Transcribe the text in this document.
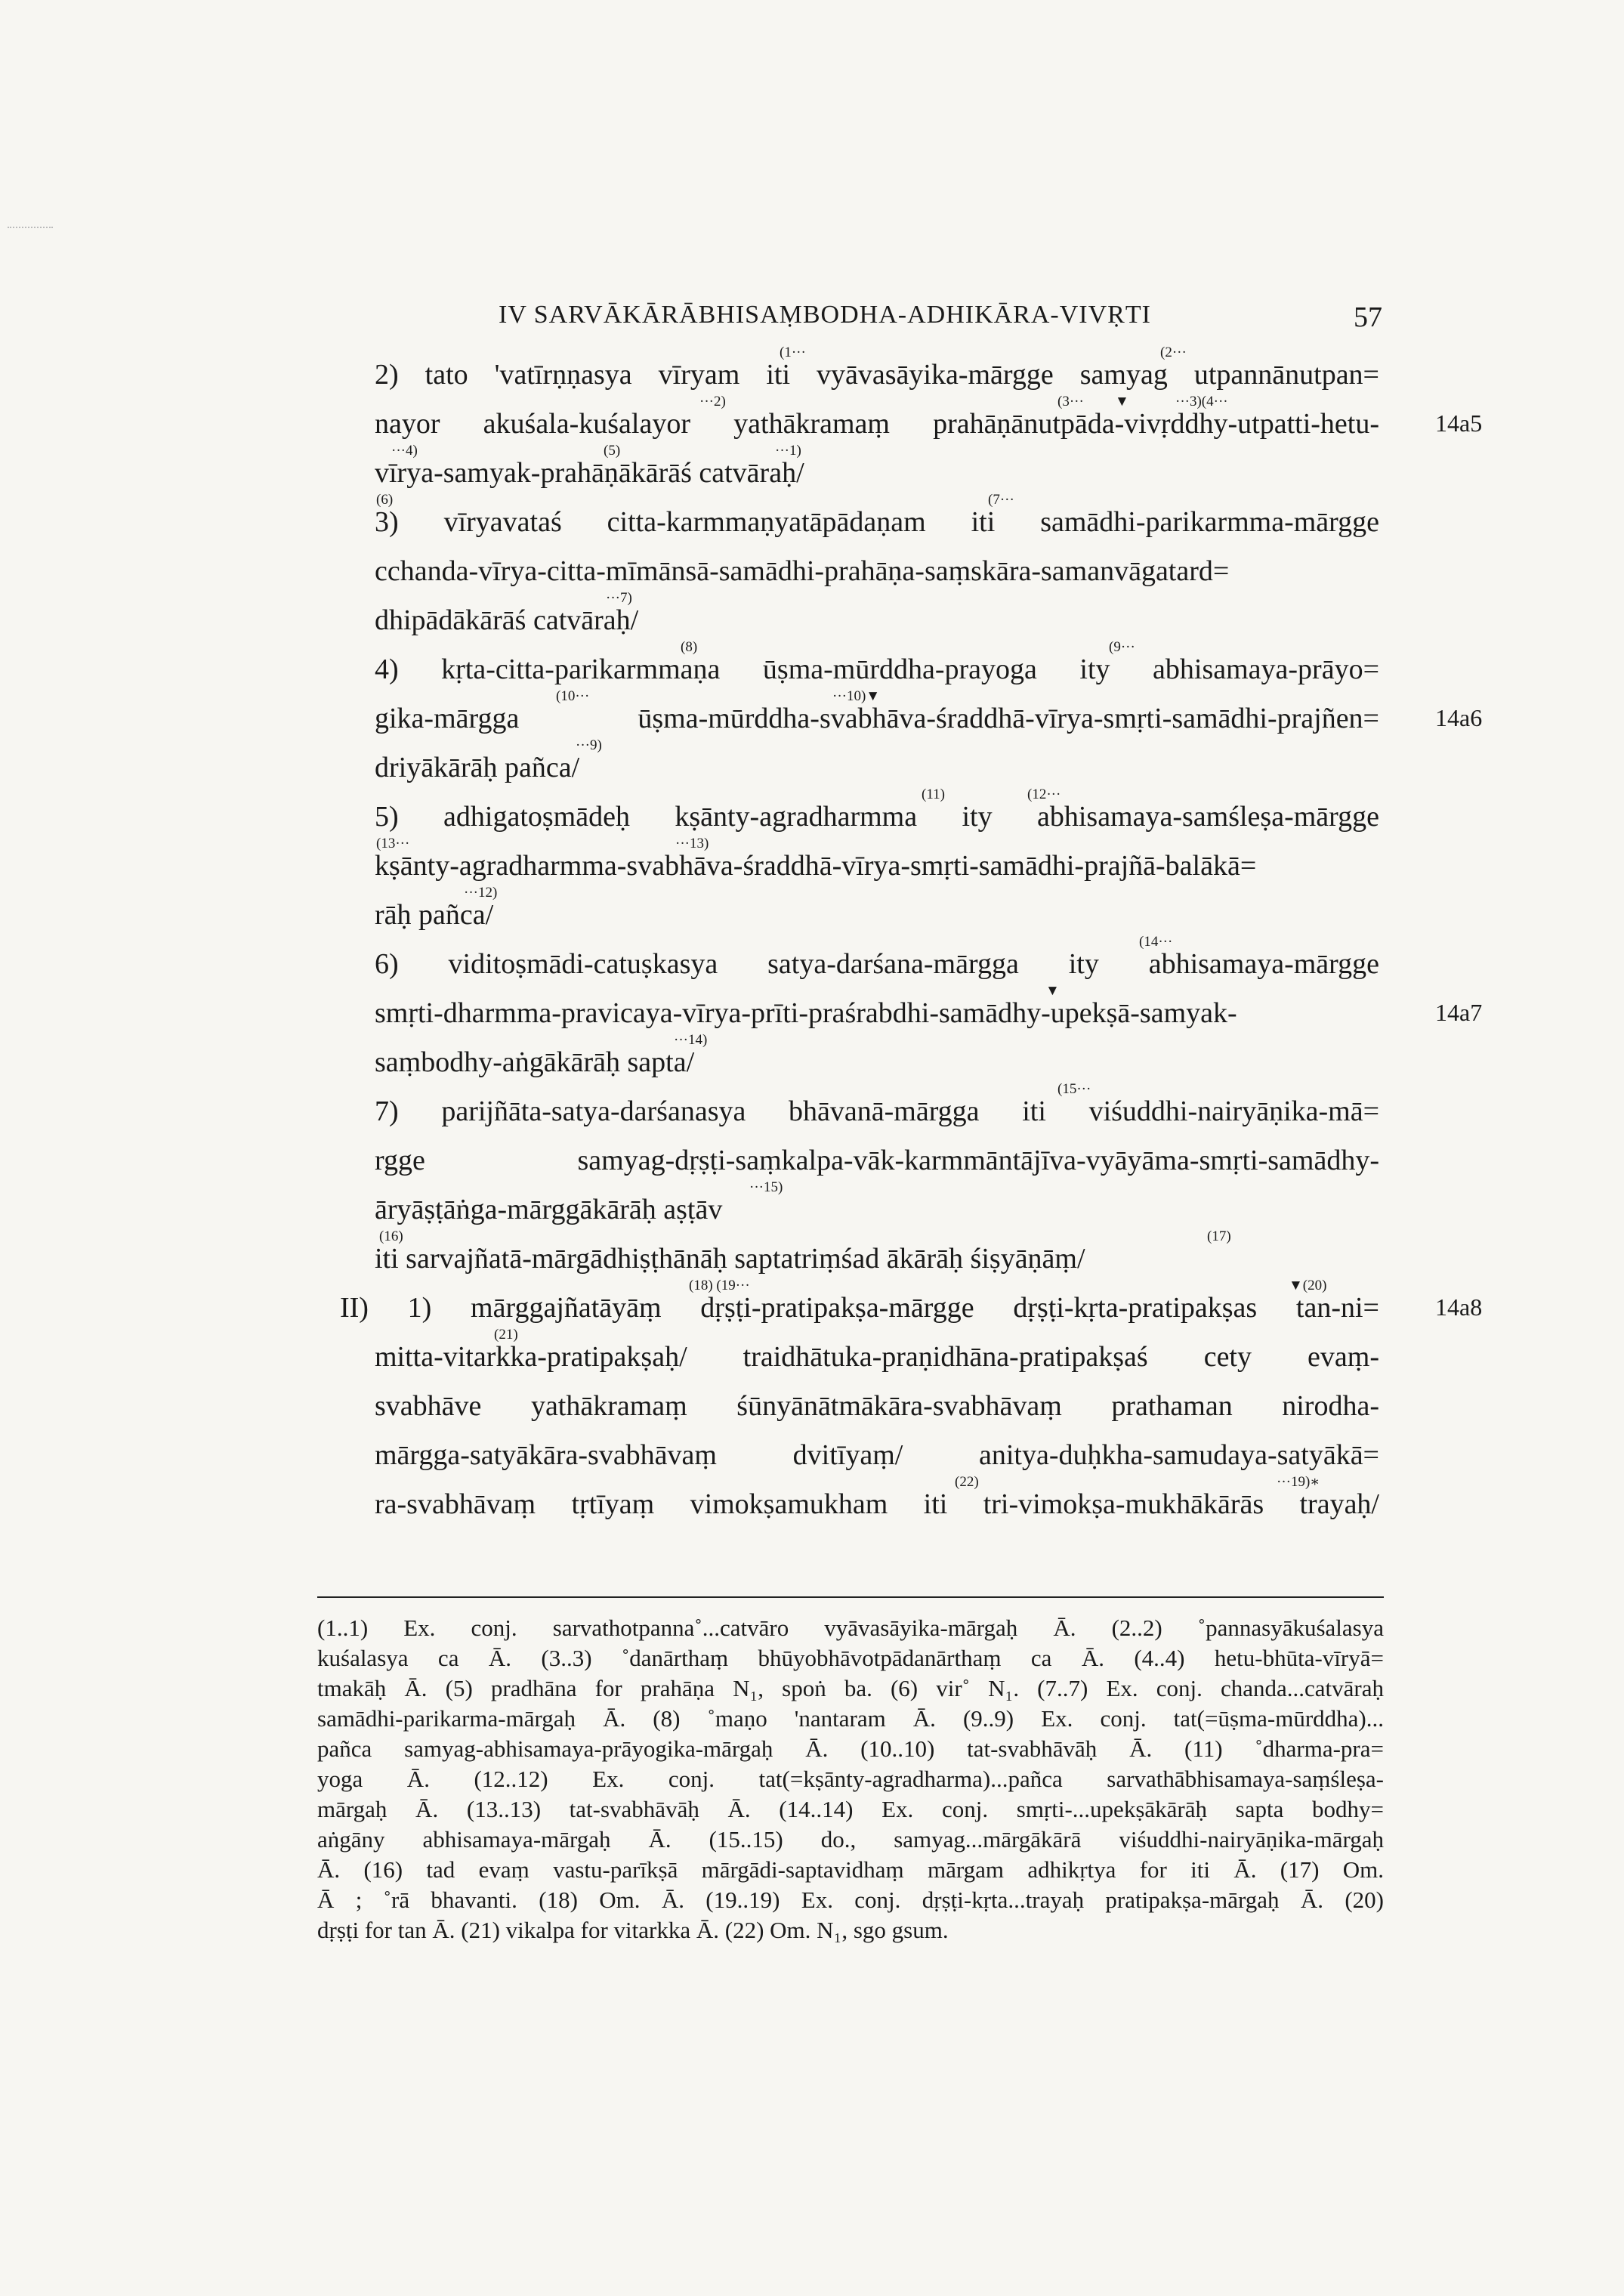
IV SARVĀKĀRĀBHISAṂBODHA-ADHIKĀRA-VIVṚTI	57
(1···	(2···
2) tato 'vatīrṇṇasya vīryam iti vyāvasāyika-mārgge samyag utpannānutpan=
···2)	(3··· ▼	···3)(4···
nayor akuśala-kuśalayor yathākramaṃ prahāṇānutpāda-vivṛddhy-utpatti-hetu-
···4)	(5)	···1)
vīrya-samyak-prahāṇākārāś catvāraḥ/
(6)	(7···
3) vīryavataś citta-karmmaṇyatāpādaṇam iti samādhi-parikarmma-mārgge
cchanda-vīrya-citta-mīmānsā-samādhi-prahāṇa-saṃskāra-samanvāgatard=
···7)
dhipādākārāś catvāraḥ/
(8)	(9···
4) kṛta-citta-parikarmmaṇa ūṣma-mūrddha-prayoga ity abhisamaya-prāyo=
(10···	···10)▼
gika-mārgga ūṣma-mūrddha-svabhāva-śraddhā-vīrya-smṛti-samādhi-prajñen=
···9)
driyākārāḥ pañca/
(11)	(12···
5) adhigatoṣmādeḥ kṣānty-agradharmma ity abhisamaya-samśleṣa-mārgge
(13···	···13)
kṣānty-agradharmma-svabhāva-śraddhā-vīrya-smṛti-samādhi-prajñā-balākā=
···12)
rāḥ pañca/
(14···
6) viditoṣmādi-catuṣkasya satya-darśana-mārgga ity abhisamaya-mārgge
▼
smṛti-dharmma-pravicaya-vīrya-prīti-praśrabdhi-samādhy-upekṣā-samyak-
···14)
saṃbodhy-aṅgākārāḥ sapta/
(15···
7) parijñāta-satya-darśanasya bhāvanā-mārgga iti viśuddhi-nairyāṇika-mā=
rgge samyag-dṛṣṭi-saṃkalpa-vāk-karmmāntājīva-vyāyāma-smṛti-samādhy-
···15)
āryāṣṭāṅga-mārggākārāḥ aṣṭāv
(16)	(17)
iti sarvajñatā-mārgādhiṣṭhānāḥ saptatriṃśad ākārāḥ śiṣyāṇāṃ/
(18) (19···	▼(20)
II) 1) mārggajñatāyāṃ dṛṣṭi-pratipakṣa-mārgge dṛṣṭi-kṛta-pratipakṣas tan-ni=
(21)
mitta-vitarkka-pratipakṣaḥ/ traidhātuka-praṇidhāna-pratipakṣaś cety evaṃ-
svabhāve yathākramaṃ śūnyānātmākāra-svabhāvaṃ prathaman nirodha-
mārgga-satyākāra-svabhāvaṃ dvitīyaṃ/ anitya-duḥkha-samudaya-satyākā=
(22)	···19)∗
ra-svabhāvaṃ tṛtīyaṃ vimokṣamukham iti tri-vimokṣa-mukhākārās trayaḥ/
14a5
14a6
14a7
14a8
(1..1) Ex. conj. sarvathotpanna˚...catvāro vyāvasāyika-mārgaḥ Ā. (2..2) ˚pannasyākuśalasya
kuśalasya ca Ā. (3..3) ˚danārthaṃ bhūyobhāvotpādanārthaṃ ca Ā. (4..4) hetu-bhūta-vīryā=
tmakāḥ Ā. (5) pradhāna for prahāṇa N₁, spoṅ ba. (6) vir˚ N₁. (7..7) Ex. conj. chanda...catvāraḥ
samādhi-parikarma-mārgaḥ Ā. (8) ˚maṇo 'nantaram Ā. (9..9) Ex. conj. tat(=ūṣma-mūrddha)...
pañca samyag-abhisamaya-prāyogika-mārgaḥ Ā. (10..10) tat-svabhāvāḥ Ā. (11) ˚dharma-pra=
yoga Ā. (12..12) Ex. conj. tat(=kṣānty-agradharma)...pañca sarvathābhisamaya-saṃśleṣa-
mārgaḥ Ā. (13..13) tat-svabhāvāḥ Ā. (14..14) Ex. conj. smṛti-...upekṣākārāḥ sapta bodhy=
aṅgāny abhisamaya-mārgaḥ Ā. (15..15) do., samyag...mārgākārā viśuddhi-nairyāṇika-mārgaḥ
Ā. (16) tad evaṃ vastu-parīkṣā mārgādi-saptavidhaṃ mārgam adhikṛtya for iti Ā. (17) Om.
Ā ; ˚rā bhavanti. (18) Om. Ā. (19..19) Ex. conj. dṛṣṭi-kṛta...trayaḥ pratipakṣa-mārgaḥ Ā. (20)
dṛṣṭi for tan Ā. (21) vikalpa for vitarkka Ā. (22) Om. N₁, sgo gsum.
